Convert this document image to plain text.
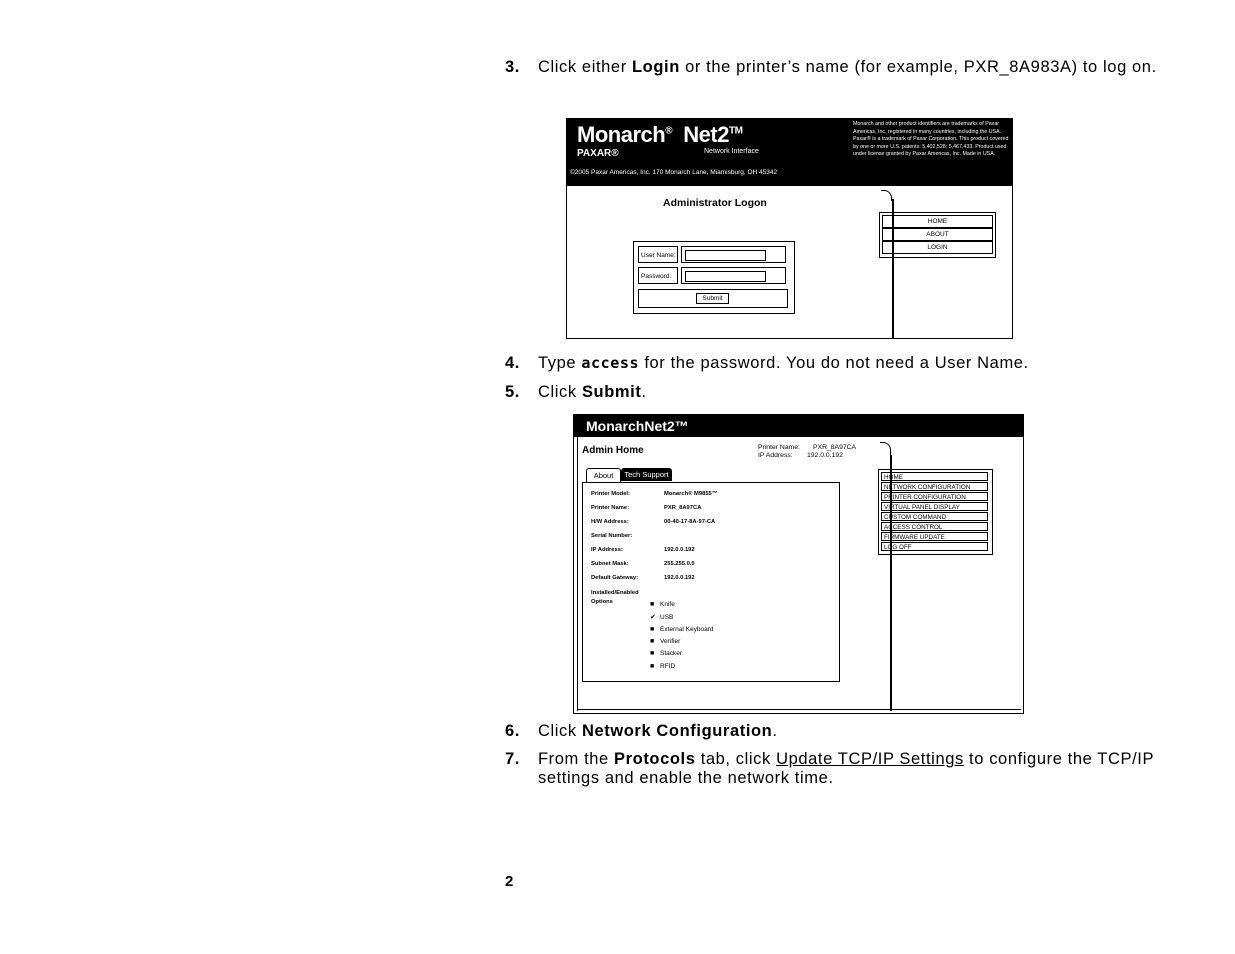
3.	Click either Login or the printer’s name (for example, PXR_8A983A) to log on.
Monarch® Net2™
PAXAR®	Network Interface
©2005 Paxar Americas, Inc. 170 Monarch Lane, Miamisburg, OH 45342
Monarch and other product identifiers are trademarks of Paxar Americas, Inc. registered in many countries, including the USA. Paxar® is a trademark of Paxar Corporation. This product covered by one or more U.S. patents: 5,402,528; 5,467,433. Product used under license granted by Paxar Americas, Inc. Made in USA.
Administrator Logon
User Name:
Password:
Submit
HOME
ABOUT
LOGIN
4.	Type access for the password. You do not need a User Name.
5.	Click Submit.
MonarchNet2™
Admin Home	Printer Name: PXR_8A97CA
IP Address: 192.0.0.192
About	Tech Support
Printer Model:	Monarch® M9855™
Printer Name:	PXR_8A97CA
H/W Address:	00-40-17-8A-97-CA
Serial Number:
IP Address:	192.0.0.192
Subnet Mask:	255.255.0.0
Default Gateway:	192.0.0.192
Installed/Enabled
Options	■ Knife
✔ USB
■ External Keyboard
■ Verifier
■ Stacker
■ RFID
HOME
NETWORK CONFIGURATION
PRINTER CONFIGURATION
VIRTUAL PANEL DISPLAY
CUSTOM COMMAND
ACCESS CONTROL
FIRMWARE UPDATE
LOG OFF
6.	Click Network Configuration.
7.	From the Protocols tab, click Update TCP/IP Settings to configure the TCP/IP settings and enable the network time.
2
